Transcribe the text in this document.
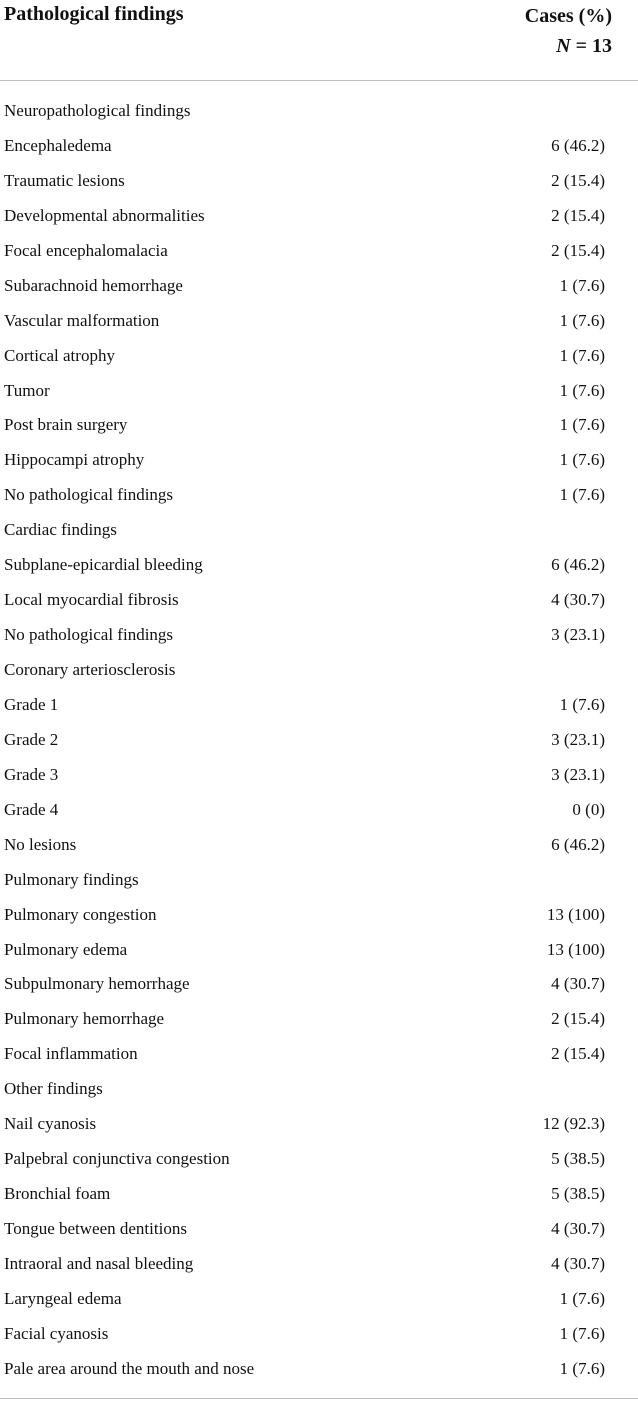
Pathological findings	Cases (%)
N = 13
Neuropathological findings
Encephaledema	6 (46.2)
Traumatic lesions	2 (15.4)
Developmental abnormalities	2 (15.4)
Focal encephalomalacia	2 (15.4)
Subarachnoid hemorrhage	1 (7.6)
Vascular malformation	1 (7.6)
Cortical atrophy	1 (7.6)
Tumor	1 (7.6)
Post brain surgery	1 (7.6)
Hippocampi atrophy	1 (7.6)
No pathological findings	1 (7.6)
Cardiac findings
Subplane-epicardial bleeding	6 (46.2)
Local myocardial fibrosis	4 (30.7)
No pathological findings	3 (23.1)
Coronary arteriosclerosis
Grade 1	1 (7.6)
Grade 2	3 (23.1)
Grade 3	3 (23.1)
Grade 4	0 (0)
No lesions	6 (46.2)
Pulmonary findings
Pulmonary congestion	13 (100)
Pulmonary edema	13 (100)
Subpulmonary hemorrhage	4 (30.7)
Pulmonary hemorrhage	2 (15.4)
Focal inflammation	2 (15.4)
Other findings
Nail cyanosis	12 (92.3)
Palpebral conjunctiva congestion	5 (38.5)
Bronchial foam	5 (38.5)
Tongue between dentitions	4 (30.7)
Intraoral and nasal bleeding	4 (30.7)
Laryngeal edema	1 (7.6)
Facial cyanosis	1 (7.6)
Pale area around the mouth and nose	1 (7.6)
